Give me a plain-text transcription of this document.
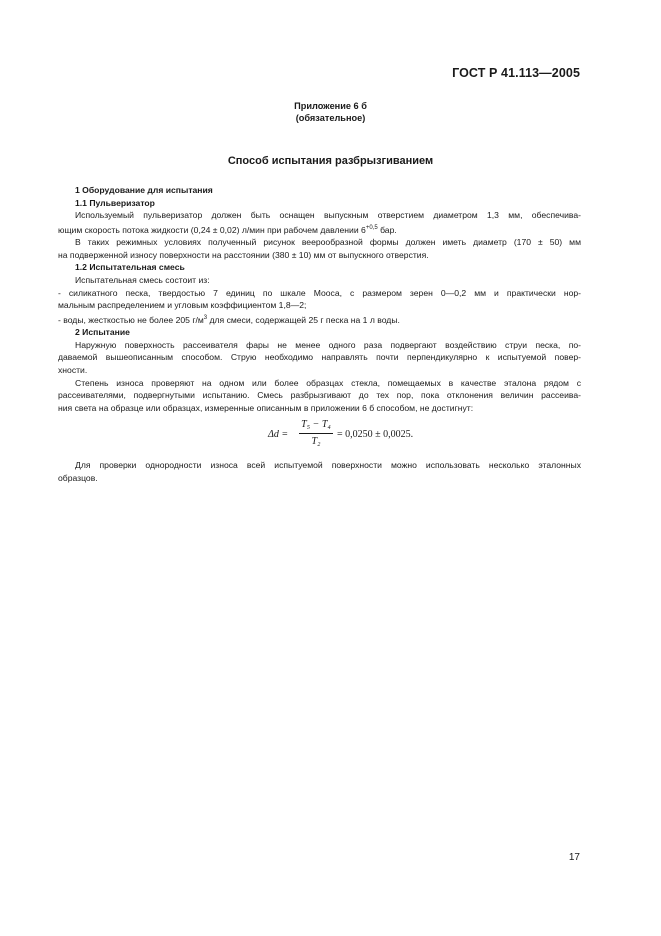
ГОСТ Р 41.113—2005
Приложение 6 б
(обязательное)
Способ испытания разбрызгиванием

1 Оборудование для испытания

1.1 Пульверизатор

Используемый пульверизатор должен быть оснащен выпускным отверстием диаметром 1,3 мм, обеспечива-

ющим скорость потока жидкости (0,24 ± 0,02) л/мин при рабочем давлении $6^{+0,5}$ бар.

В таких режимных условиях полученный рисунок веерообразной формы должен иметь диаметр (170 ± 50) мм

на подверженной износу поверхности на расстоянии (380 ± 10) мм от выпускного отверстия.

1.2 Испытательная смесь

Испытательная смесь состоит из:

- силикатного песка, твердостью 7 единиц по шкале Мооса, с размером зерен 0—0,2 мм и практически нор-

мальным распределением и угловым коэффициентом 1,8—2;

- воды, жесткостью не более 205 $г/м^3$ для смеси, содержащей 25 г песка на 1 л воды.

2 Испытание

Наружную поверхность рассеивателя фары не менее одного раза подвергают воздействию струи песка, по-

даваемой вышеописанным способом. Струю необходимо направлять почти перпендикулярно к испытуемой повер-

хности.

Степень износа проверяют на одном или более образцах стекла, помещаемых в качестве эталона рядом с

рассеивателями, подвергнутыми испытанию. Смесь разбрызгивают до тех пор, пока отклонения величин рассеива-

ния света на образце или образцах, измеренные описанным в приложении 6 б способом, не достигнут:

Δd =
T₅ − T₄
T₂
= 0,0250 ± 0,0025.

Для проверки однородности износа всей испытуемой поверхности можно использовать несколько эталонных

образцов.

17
